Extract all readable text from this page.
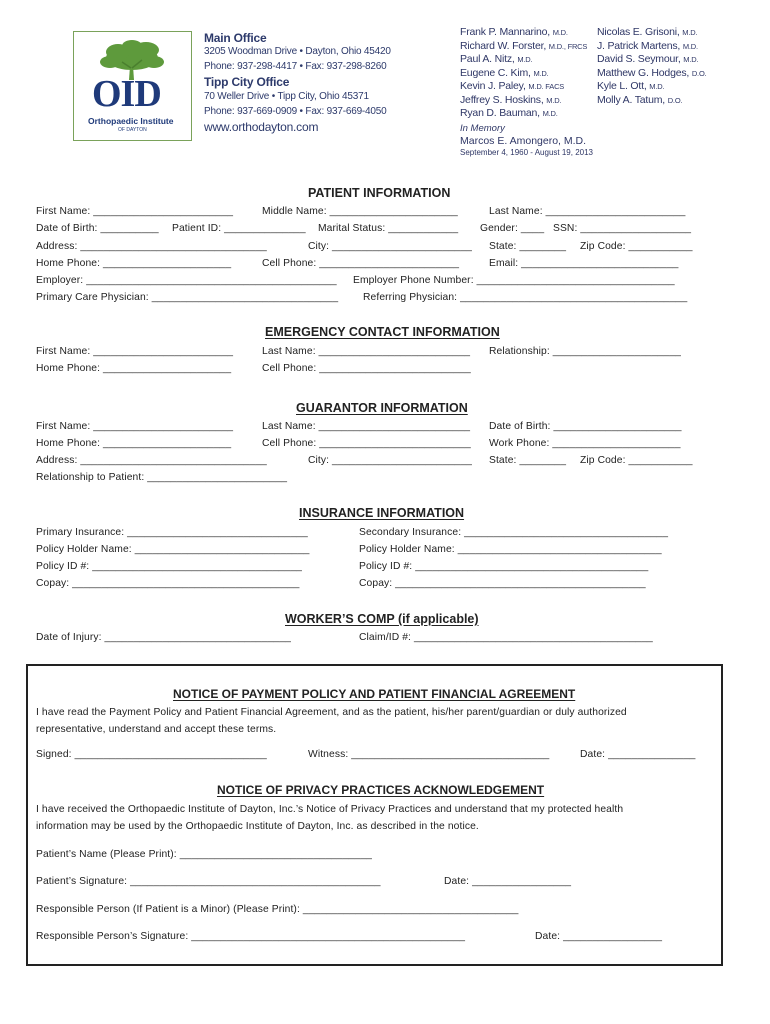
OID
Orthopaedic Institute
OF DAYTON
Main Office
3205 Woodman Drive • Dayton, Ohio 45420
Phone: 937-298-4417 • Fax: 937-298-8260
Tipp City Office
70 Weller Drive • Tipp City, Ohio 45371
Phone: 937-669-0909 • Fax: 937-669-4050
www.orthodayton.com
Frank P. Mannarino, M.D.
Richard W. Forster, M.D., FRCS
Paul A. Nitz, M.D.
Eugene C. Kim, M.D.
Kevin J. Paley, M.D. FACS
Jeffrey S. Hoskins, M.D.
Ryan D. Bauman, M.D.
Nicolas E. Grisoni, M.D.
J. Patrick Martens, M.D.
David S. Seymour, M.D.
Matthew G. Hodges, D.O.
Kyle L. Ott, M.D.
Molly A. Tatum, D.O.
In Memory
Marcos E. Amongero, M.D.
September 4, 1960 - August 19, 2013
PATIENT INFORMATION
First Name: ________________________	Middle Name: ______________________	Last Name: ________________________
Date of Birth: __________ Patient ID: ______________ Marital Status: ____________ Gender: ____ SSN: ___________________
Address: ________________________________	City: ________________________ State: ________ Zip Code: ___________
Home Phone: ______________________	Cell Phone: ________________________	Email: ___________________________
Employer: ___________________________________________ Employer Phone Number: __________________________________
Primary Care Physician: ________________________________ Referring Physician: _______________________________________
EMERGENCY CONTACT INFORMATION
First Name: ________________________	Last Name: __________________________ Relationship: ______________________
Home Phone: ______________________	Cell Phone: __________________________
GUARANTOR INFORMATION
First Name: ________________________	Last Name: __________________________ Date of Birth: ______________________
Home Phone: ______________________	Cell Phone: __________________________ Work Phone: ______________________
Address: ________________________________	City: ________________________ State: ________ Zip Code: ___________
Relationship to Patient: ________________________
INSURANCE INFORMATION
Primary Insurance: _______________________________	Secondary Insurance: ___________________________________
Policy Holder Name: ______________________________	Policy Holder Name: ___________________________________
Policy ID #: ____________________________________	Policy ID #: ________________________________________
Copay: _______________________________________	Copay: ___________________________________________
WORKER’S COMP (if applicable)
Date of Injury: ________________________________	Claim/ID #: _________________________________________
NOTICE OF PAYMENT POLICY AND PATIENT FINANCIAL AGREEMENT
I have read the Payment Policy and Patient Financial Agreement, and as the patient, his/her parent/guardian or duly authorized
representative, understand and accept these terms.
Signed: _________________________________	Witness: __________________________________	Date: _______________
NOTICE OF PRIVACY PRACTICES ACKNOWLEDGEMENT
I have received the Orthopaedic Institute of Dayton, Inc.’s Notice of Privacy Practices and understand that my protected health
information may be used by the Orthopaedic Institute of Dayton, Inc. as described in the notice.
Patient’s Name (Please Print): _________________________________
Patient’s Signature: ___________________________________________	Date: _________________
Responsible Person (If Patient is a Minor) (Please Print): _____________________________________
Responsible Person’s Signature: _______________________________________________	Date: _________________
